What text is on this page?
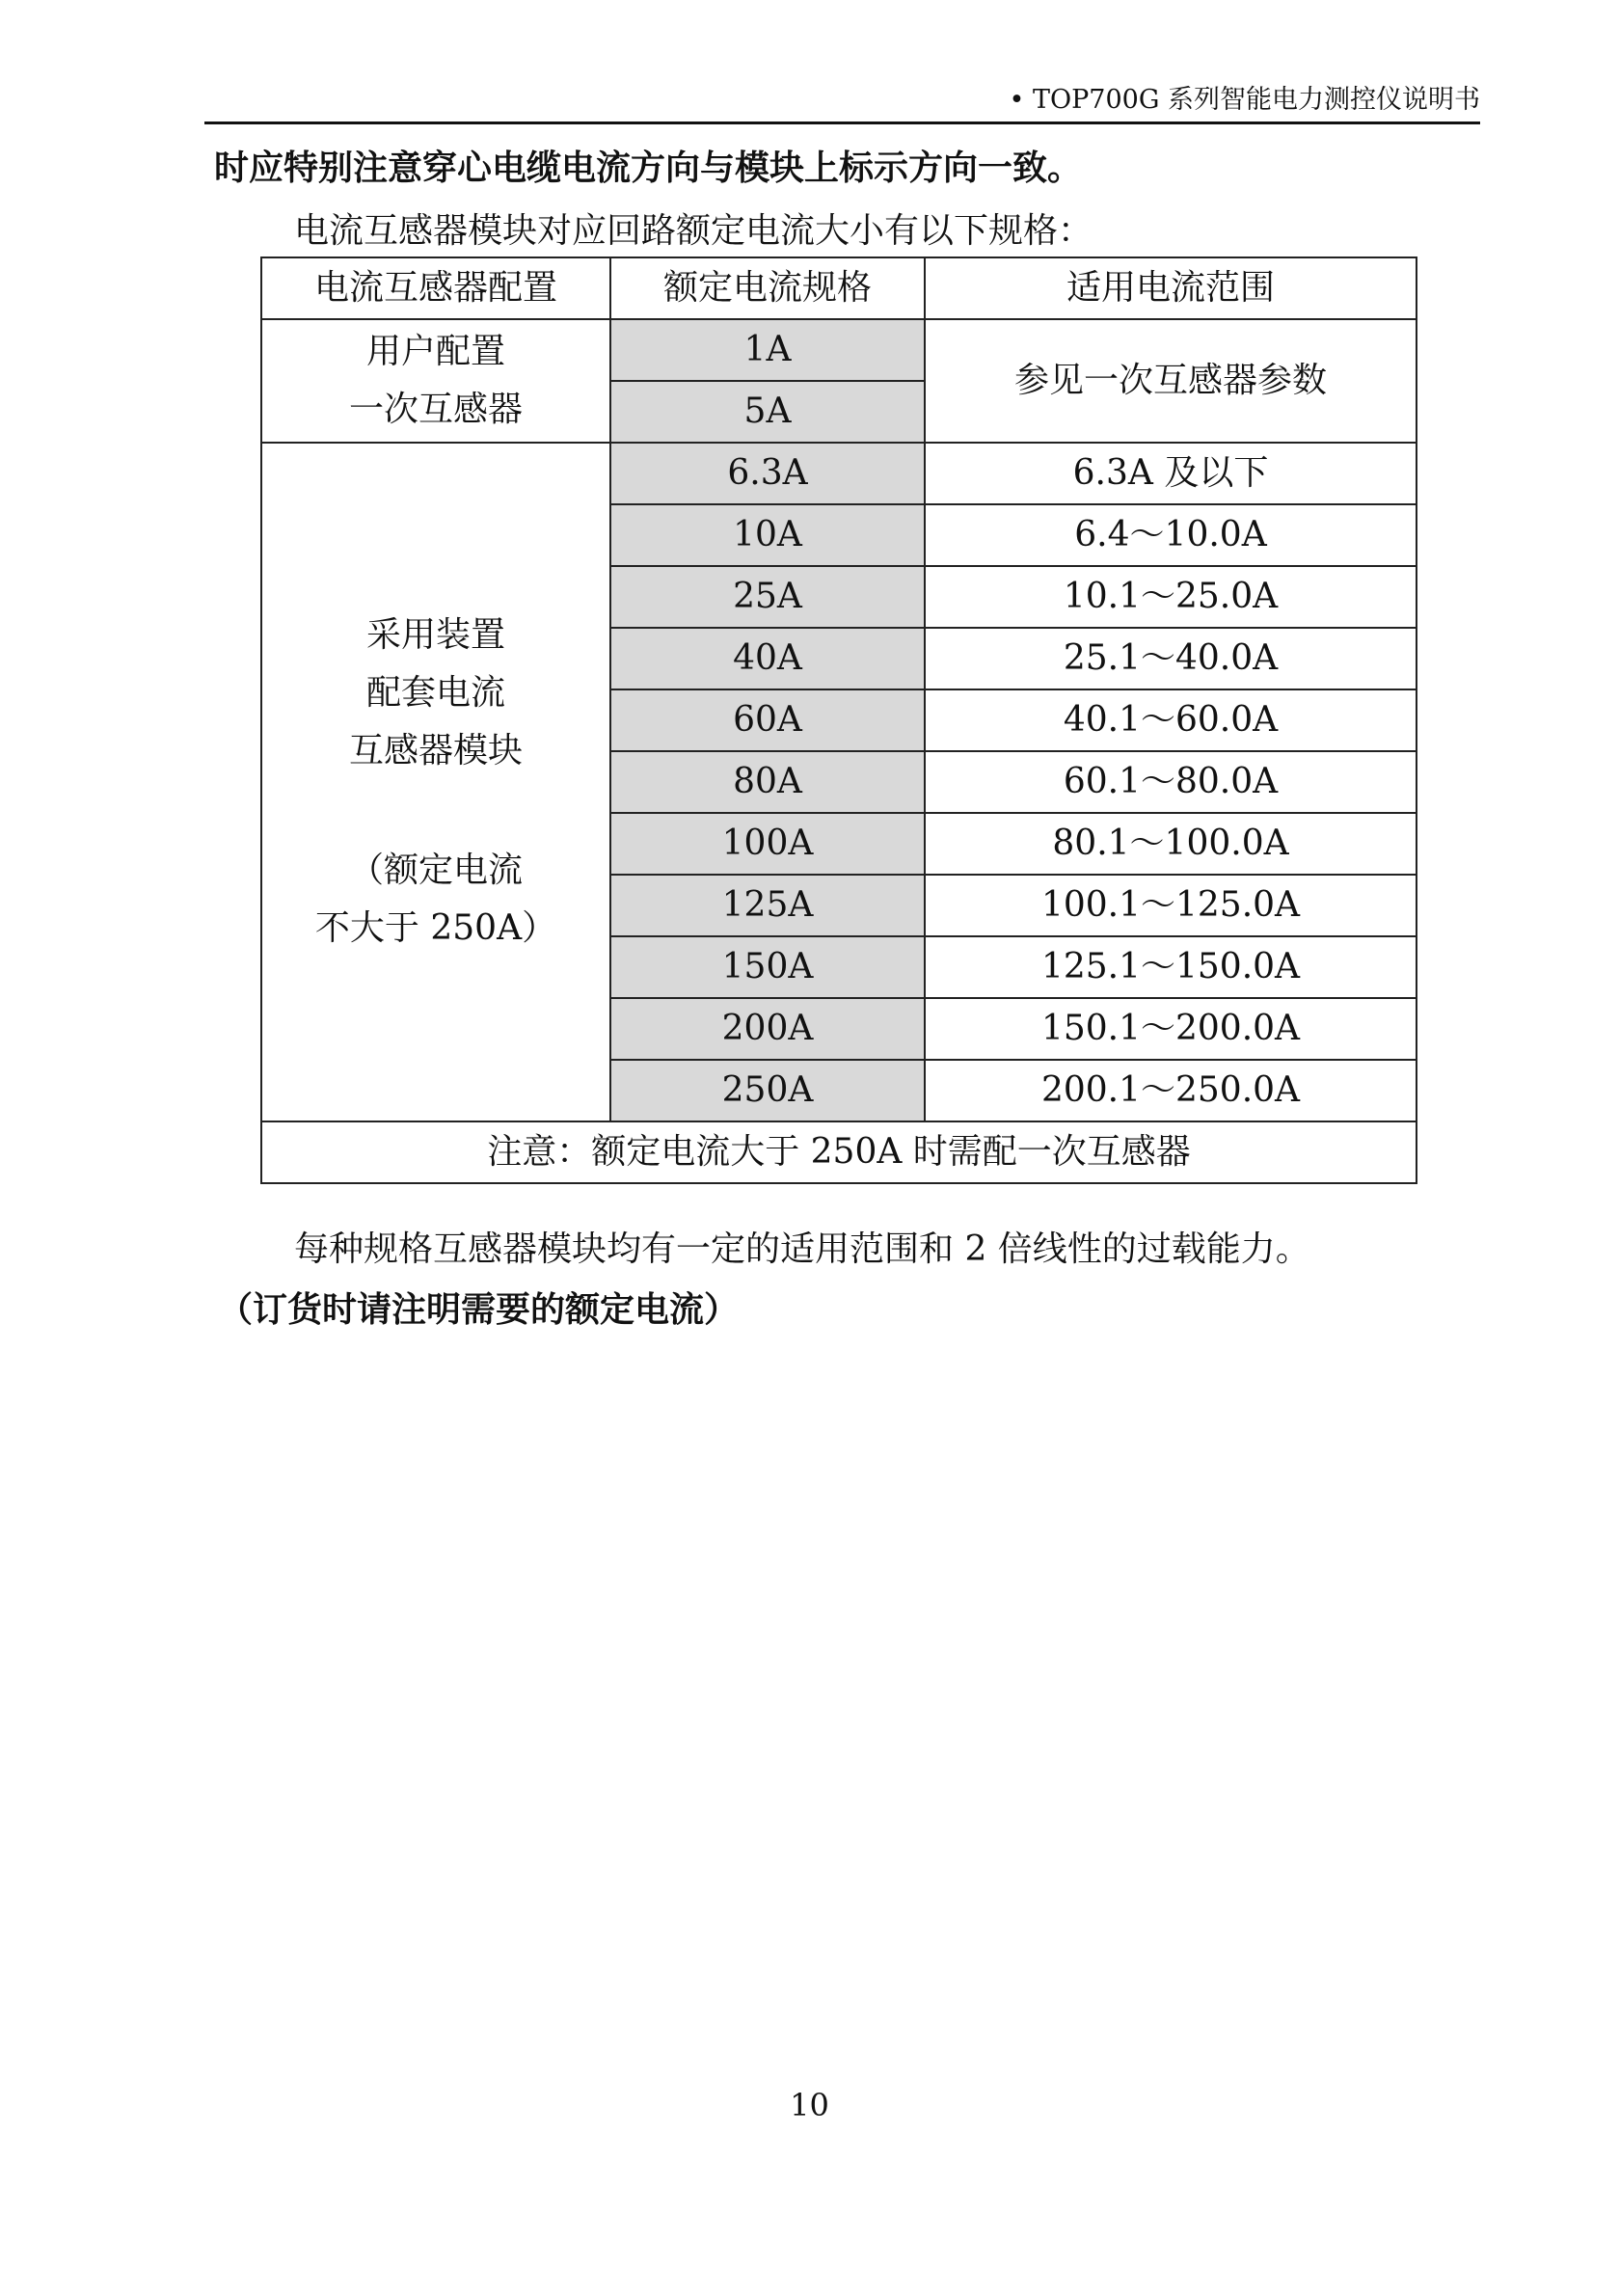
• TOP700G 系列智能电力测控仪说明书
时应特别注意穿心电缆电流方向与模块上标示方向一致。
电流互感器模块对应回路额定电流大小有以下规格：
电流互感器配置	额定电流规格	适用电流范围

用户配置
一次互感器	1A	参见一次互感器参数
	5A	

采用装置
配套电流
互感器模块
（额定电流
不大于 250A）	6.3A	6.3A 及以下
	10A	6.4～10.0A
	25A	10.1～25.0A
	40A	25.1～40.0A
	60A	40.1～60.0A
	80A	60.1～80.0A
	100A	80.1～100.0A
	125A	100.1～125.0A
	150A	125.1～150.0A
	200A	150.1～200.0A
	250A	200.1～250.0A
注意：额定电流大于 250A 时需配一次互感器		
每种规格互感器模块均有一定的适用范围和 2 倍线性的过载能力。
（订货时请注明需要的额定电流）
10
